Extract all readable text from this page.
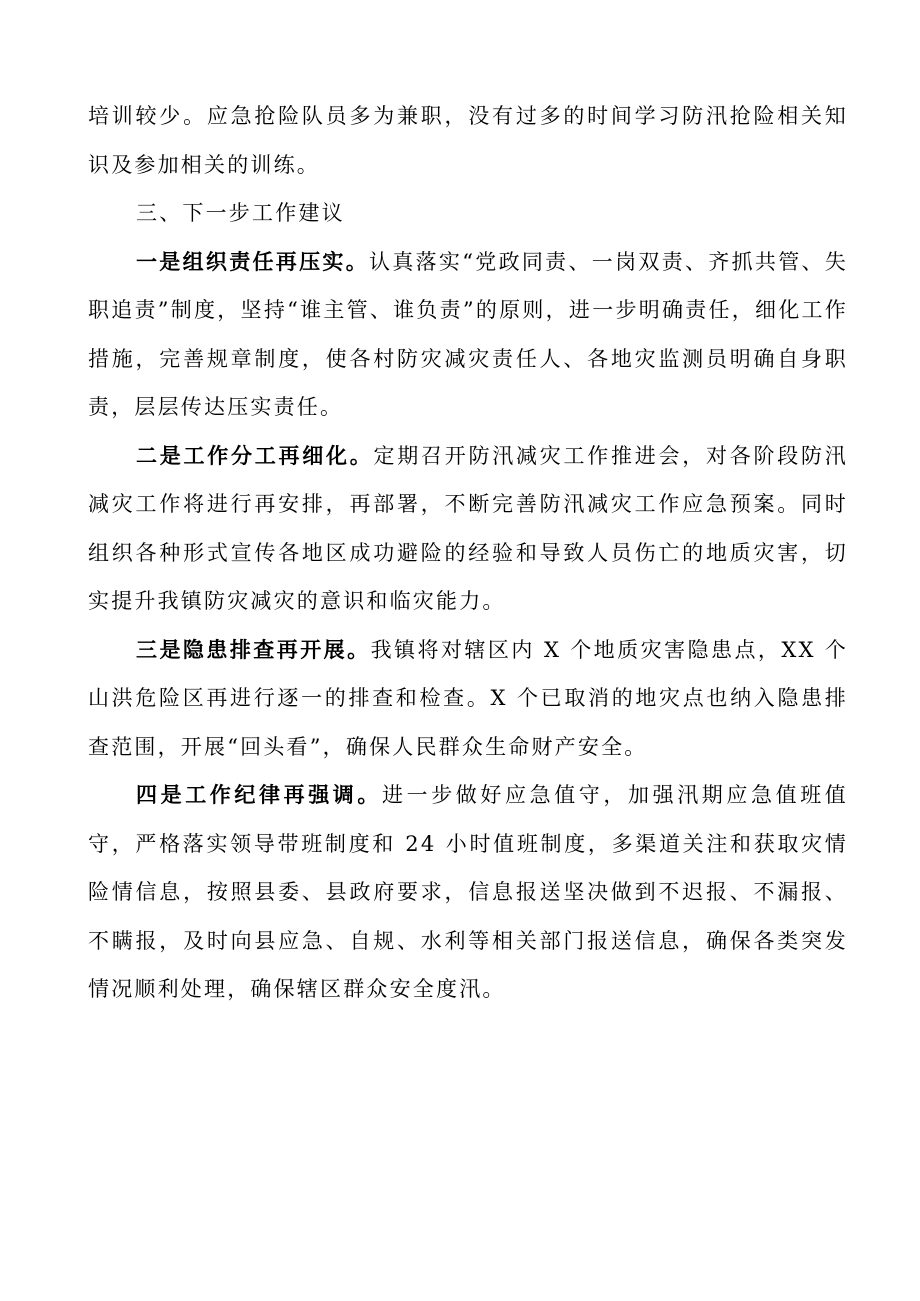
培训较少。应急抢险队员多为兼职，没有过多的时间学习防汛抢险相关知识及参加相关的训练。

三、下一步工作建议

一是组织责任再压实。认真落实“党政同责、一岗双责、齐抓共管、失职追责”制度，坚持“谁主管、谁负责”的原则，进一步明确责任，细化工作措施，完善规章制度，使各村防灾减灾责任人、各地灾监测员明确自身职责，层层传达压实责任。

二是工作分工再细化。定期召开防汛减灾工作推进会，对各阶段防汛减灾工作将进行再安排，再部署，不断完善防汛减灾工作应急预案。同时组织各种形式宣传各地区成功避险的经验和导致人员伤亡的地质灾害，切实提升我镇防灾减灾的意识和临灾能力。

三是隐患排查再开展。我镇将对辖区内 X 个地质灾害隐患点，XX 个山洪危险区再进行逐一的排查和检查。X 个已取消的地灾点也纳入隐患排查范围，开展“回头看”，确保人民群众生命财产安全。

四是工作纪律再强调。进一步做好应急值守，加强汛期应急值班值守，严格落实领导带班制度和 24 小时值班制度，多渠道关注和获取灾情险情信息，按照县委、县政府要求，信息报送坚决做到不迟报、不漏报、不瞒报，及时向县应急、自规、水利等相关部门报送信息，确保各类突发情况顺利处理，确保辖区群众安全度汛。
